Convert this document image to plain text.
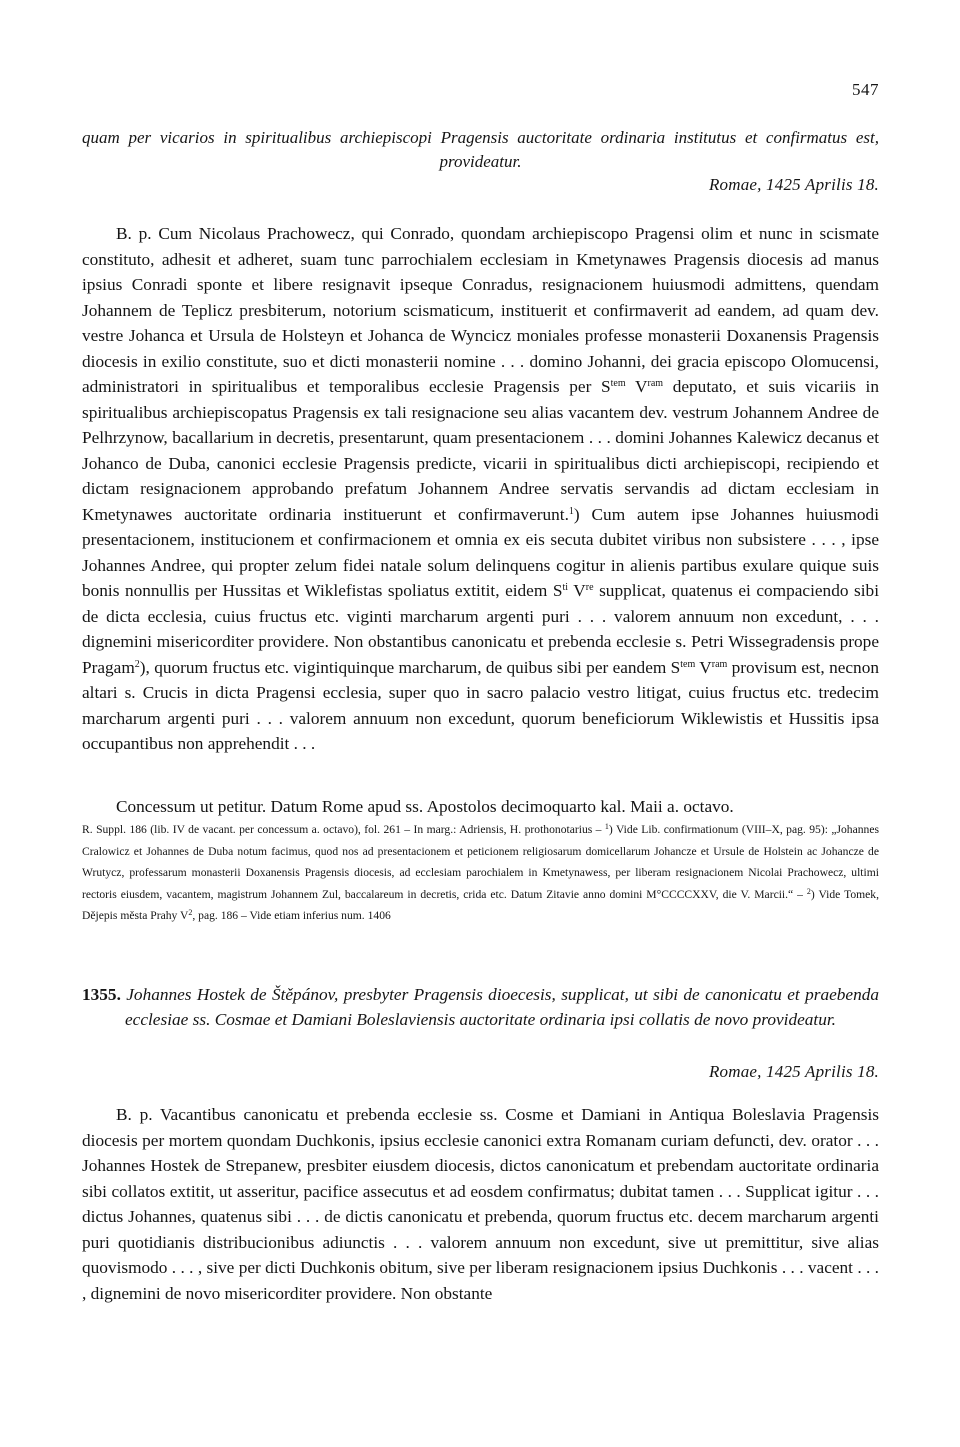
547
quam per vicarios in spiritualibus archiepiscopi Pragensis auctoritate ordinaria institutus et confirmatus est, provideatur.
Romae, 1425 Aprilis 18.

B. p. Cum Nicolaus Prachowecz, qui Conrado, quondam archiepiscopo Pragensi olim et nunc in scismate constituto, adhesit et adheret, suam tunc parrochialem ecclesiam in Kmetynawes Pragensis diocesis ad manus ipsius Conradi sponte et libere resignavit ipseque Conradus, resignacionem huiusmodi admittens, quendam Johannem de Teplicz presbiterum, notorium scismaticum, instituerit et confirmaverit ad eandem, ad quam dev. vestre Johanca et Ursula de Holsteyn et Johanca de Wyncicz moniales professe monasterii Doxanensis Pragensis diocesis in exilio constitute, suo et dicti monasterii nomine . . . domino Johanni, dei gracia episcopo Olomucensi, administratori in spiritualibus et temporalibus ecclesie Pragensis per $S^{tem}$ $V^{ram}$ deputato, et suis vicariis in spiritualibus archiepiscopatus Pragensis ex tali resignacione seu alias vacantem dev. vestrum Johannem Andree de Pelhrzynow, bacallarium in decretis, presentarunt, quam presentacionem . . . domini Johannes Kalewicz decanus et Johanco de Duba, canonici ecclesie Pragensis predicte, vicarii in spiritualibus dicti archiepiscopi, recipiendo et dictam resignacionem approbando prefatum Johannem Andree servatis servandis ad dictam ecclesiam in Kmetynawes auctoritate ordinaria instituerunt et confirmaverunt.$^1$) Cum autem ipse Johannes huiusmodi presentacionem, institucionem et confirmacionem et omnia ex eis secuta dubitet viribus non subsistere . . . , ipse Johannes Andree, qui propter zelum fidei natale solum delinquens cogitur in alienis partibus exulare quique suis bonis nonnullis per Hussitas et Wiklefistas spoliatus extitit, eidem $S^{ti}$ Vre supplicat, quatenus ei compaciendo sibi de dicta ecclesia, cuius fructus etc. viginti marcharum argenti puri . . . valorem annuum non excedunt, . . . dignemini misericorditer providere. Non obstantibus canonicatu et prebenda ecclesie s. Petri Wissegradensis prope Pragam$^2$), quorum fructus etc. vigintiquinque marcharum, de quibus sibi per eandem $S^{tem}$ $V^{ram}$ provisum est, necnon altari s. Crucis in dicta Pragensi ecclesia, super quo in sacro palacio vestro litigat, cuius fructus etc. tredecim marcharum argenti puri . . . valorem annuum non excedunt, quorum beneficiorum Wiklewistis et Hussitis ipsa occupantibus non apprehendit . . .

Concessum ut petitur. Datum Rome apud ss. Apostolos decimoquarto kal. Maii a. octavo.
R. Suppl. 186 (lib. IV de vacant. per concessum a. octavo), fol. 261 – In marg.: Adriensis, H. prothonotarius – $^1$) Vide Lib. confirmationum (VIII–X, pag. 95): „Johannes Cralowicz et Johannes de Duba notum facimus, quod nos ad presentacionem et peticionem religiosarum domicellarum Johancze et Ursule de Holstein ac Johancze de Wrutycz, professarum monasterii Doxanensis Pragensis diocesis, ad ecclesiam parochialem in Kmetynawess, per liberam resignacionem Nicolai Prachowecz, ultimi rectoris eiusdem, vacantem, magistrum Johannem Zul, baccalareum in decretis, crida etc. Datum Zitavie anno domini M°CCCCXXV, die V. Marcii.“ – $^2$) Vide Tomek, Dějepis města Prahy $V^2$, pag. 186 – Vide etiam inferius num. 1406
1355. Johannes Hostek de Štěpánov, presbyter Pragensis dioecesis, supplicat, ut sibi de canonicatu et praebenda ecclesiae ss. Cosmae et Damiani Boleslaviensis auctoritate ordinaria ipsi collatis de novo provideatur.
Romae, 1425 Aprilis 18.

B. p. Vacantibus canonicatu et prebenda ecclesie ss. Cosme et Damiani in Antiqua Boleslavia Pragensis diocesis per mortem quondam Duchkonis, ipsius ecclesie canonici extra Romanam curiam defuncti, dev. orator . . . Johannes Hostek de Strepanew, presbiter eiusdem diocesis, dictos canonicatum et prebendam auctoritate ordinaria sibi collatos extitit, ut asseritur, pacifice assecutus et ad eosdem confirmatus; dubitat tamen . . . Supplicat igitur . . . dictus Johannes, quatenus sibi . . . de dictis canonicatu et prebenda, quorum fructus etc. decem marcharum argenti puri quotidianis distribucionibus adiunctis . . . valorem annuum non excedunt, sive ut premittitur, sive alias quovismodo . . . , sive per dicti Duchkonis obitum, sive per liberam resignacionem ipsius Duchkonis . . . vacent . . . , dignemini de novo misericorditer providere. Non obstante
